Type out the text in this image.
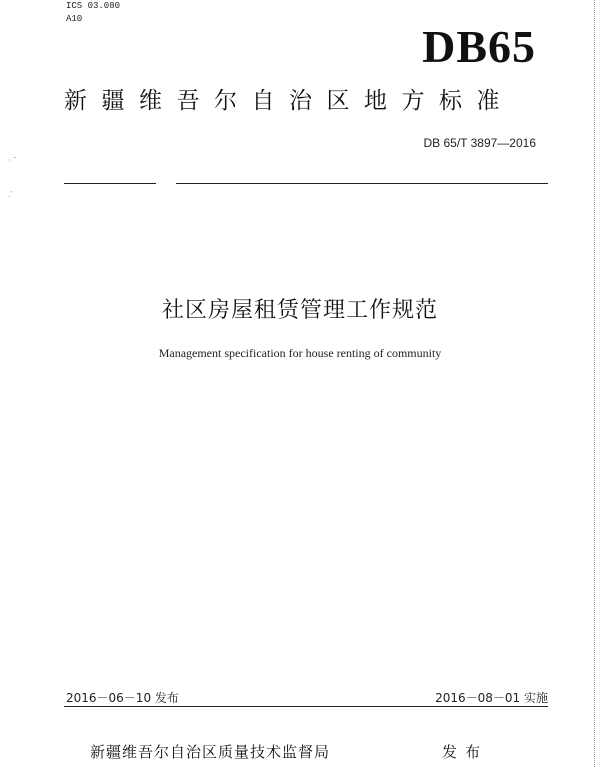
ICS 03.080
A10
DB65
新疆维吾尔自治区地方标准
DB 65/T 3897—2016
社区房屋租赁管理工作规范
Management specification for house renting of community
· ˜
.‵
2016－06－10 发布	2016－08－01 实施
新疆维吾尔自治区质量技术监督局	发布
